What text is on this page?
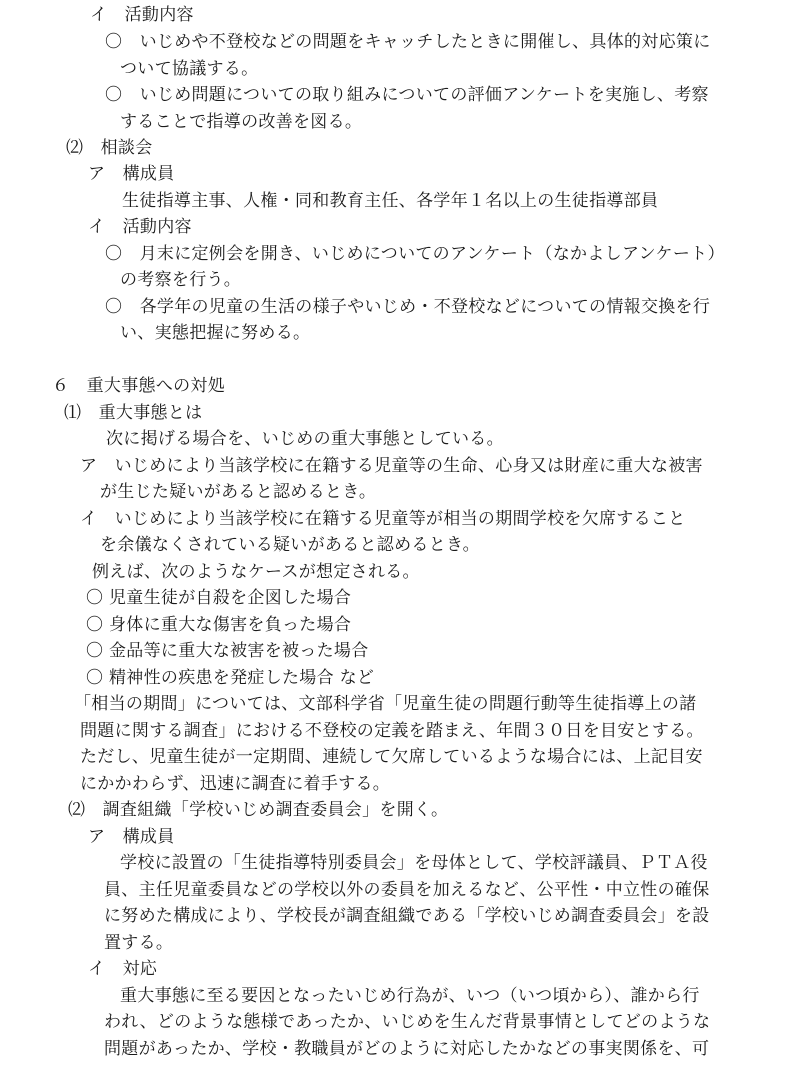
イ　活動内容

〇　いじめや不登校などの問題をキャッチしたときに開催し、具体的対応策に

ついて協議する。

〇　いじめ問題についての取り組みについての評価アンケートを実施し、考察

することで指導の改善を図る。

⑵　相談会

ア　構成員

生徒指導主事、人権・同和教育主任、各学年１名以上の生徒指導部員

イ　活動内容

〇　月末に定例会を開き、いじめについてのアンケート（なかよしアンケート）

の考察を行う。

〇　各学年の児童の生活の様子やいじめ・不登校などについての情報交換を行

い、実態把握に努める。

６　重大事態への対処

⑴　重大事態とは

次に掲げる場合を、いじめの重大事態としている。

ア　いじめにより当該学校に在籍する児童等の生命、心身又は財産に重大な被害

が生じた疑いがあると認めるとき。

イ　いじめにより当該学校に在籍する児童等が相当の期間学校を欠席すること

を余儀なくされている疑いがあると認めるとき。

例えば、次のようなケースが想定される。

〇 児童生徒が自殺を企図した場合

〇 身体に重大な傷害を負った場合

〇 金品等に重大な被害を被った場合

〇 精神性の疾患を発症した場合 など

「相当の期間」については、文部科学省「児童生徒の問題行動等生徒指導上の諸

問題に関する調査」における不登校の定義を踏まえ、年間３０日を目安とする。

ただし、児童生徒が一定期間、連続して欠席しているような場合には、上記目安

にかかわらず、迅速に調査に着手する。

⑵　調査組織「学校いじめ調査委員会」を開く。

ア　構成員

学校に設置の「生徒指導特別委員会」を母体として、学校評議員、ＰＴＡ役

員、主任児童委員などの学校以外の委員を加えるなど、公平性・中立性の確保

に努めた構成により、学校長が調査組織である「学校いじめ調査委員会」を設

置する。

イ　対応

重大事態に至る要因となったいじめ行為が、いつ（いつ頃から）、誰から行

われ、どのような態様であったか、いじめを生んだ背景事情としてどのような

問題があったか、学校・教職員がどのように対応したかなどの事実関係を、可
